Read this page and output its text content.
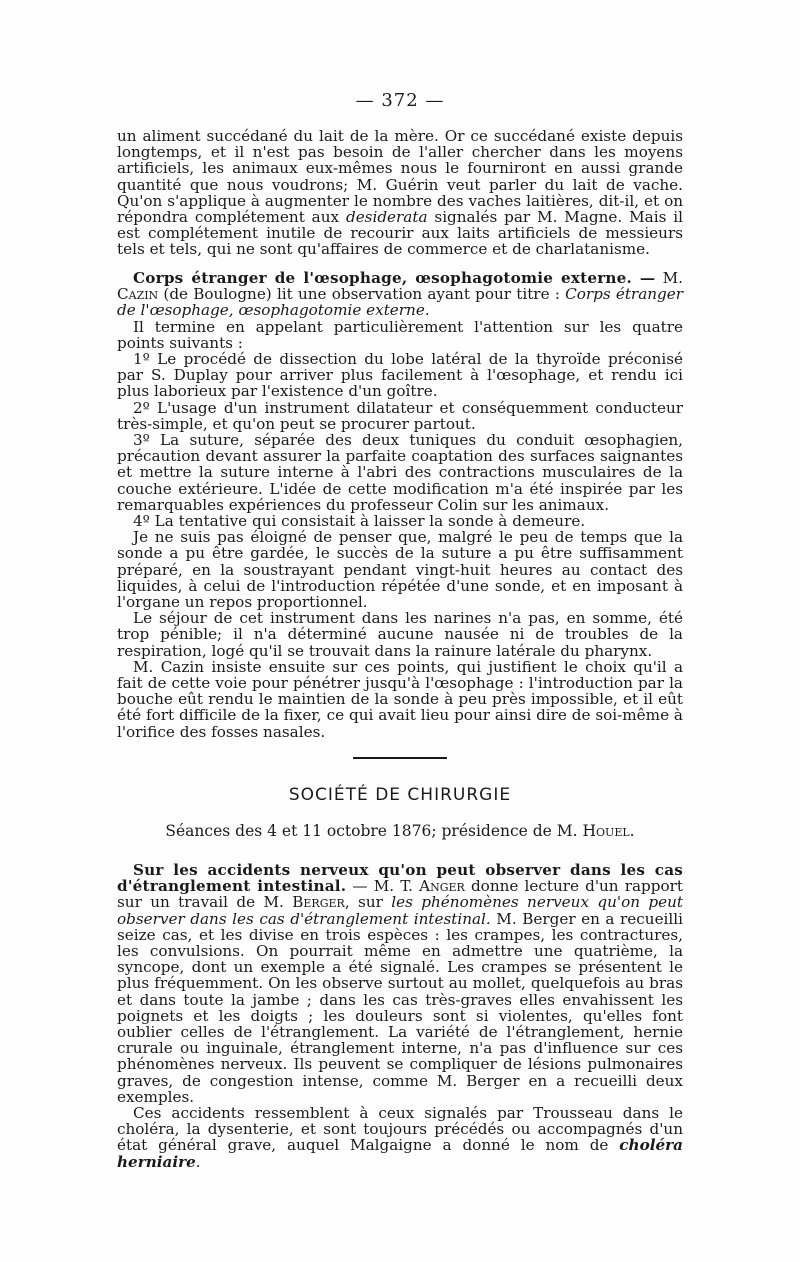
— 372 —

un aliment succédané du lait de la mère. Or ce succédané existe depuis longtemps, et il n'est pas besoin de l'aller chercher dans les moyens artificiels, les animaux eux-mêmes nous le fourniront en aussi grande quantité que nous voudrons; M. Guérin veut parler du lait de vache. Qu'on s'applique à augmenter le nombre des vaches laitières, dit-il, et on répondra complétement aux desiderata signalés par M. Magne. Mais il est complétement inutile de recourir aux laits artificiels de messieurs tels et tels, qui ne sont qu'affaires de commerce et de charlatanisme.

Corps étranger de l'œsophage, œsophagotomie externe. — M. Cazin (de Boulogne) lit une observation ayant pour titre : Corps étranger de l'œsophage, œsophagotomie externe.

Il termine en appelant particulièrement l'attention sur les quatre points suivants :

1º Le procédé de dissection du lobe latéral de la thyroïde préconisé par S. Duplay pour arriver plus facilement à l'œsophage, et rendu ici plus laborieux par l'existence d'un goître.

2º L'usage d'un instrument dilatateur et conséquemment conducteur très-simple, et qu'on peut se procurer partout.

3º La suture, séparée des deux tuniques du conduit œsophagien, précaution devant assurer la parfaite coaptation des surfaces saignantes et mettre la suture interne à l'abri des contractions musculaires de la couche extérieure. L'idée de cette modification m'a été inspirée par les remarquables expériences du professeur Colin sur les animaux.

4º La tentative qui consistait à laisser la sonde à demeure.

Je ne suis pas éloigné de penser que, malgré le peu de temps que la sonde a pu être gardée, le succès de la suture a pu être suffisamment préparé, en la soustrayant pendant vingt-huit heures au contact des liquides, à celui de l'introduction répétée d'une sonde, et en imposant à l'organe un repos proportionnel.

Le séjour de cet instrument dans les narines n'a pas, en somme, été trop pénible; il n'a déterminé aucune nausée ni de troubles de la respiration, logé qu'il se trouvait dans la rainure latérale du pharynx.

M. Cazin insiste ensuite sur ces points, qui justifient le choix qu'il a fait de cette voie pour pénétrer jusqu'à l'œsophage : l'introduction par la bouche eût rendu le maintien de la sonde à peu près impossible, et il eût été fort difficile de la fixer, ce qui avait lieu pour ainsi dire de soi-même à l'orifice des fosses nasales.

SOCIÉTÉ DE CHIRURGIE
Séances des 4 et 11 octobre 1876; présidence de M. Houel.

Sur les accidents nerveux qu'on peut observer dans les cas d'étranglement intestinal. — M. T. Anger donne lecture d'un rapport sur un travail de M. Berger, sur les phénomènes nerveux qu'on peut observer dans les cas d'étranglement intestinal. M. Berger en a recueilli seize cas, et les divise en trois espèces : les crampes, les contractures, les convulsions. On pourrait même en admettre une quatrième, la syncope, dont un exemple a été signalé. Les crampes se présentent le plus fréquemment. On les observe surtout au mollet, quelquefois au bras et dans toute la jambe ; dans les cas très-graves elles envahissent les poignets et les doigts ; les douleurs sont si violentes, qu'elles font oublier celles de l'étranglement. La variété de l'étranglement, hernie crurale ou inguinale, étranglement interne, n'a pas d'influence sur ces phénomènes nerveux. Ils peuvent se compliquer de lésions pulmonaires graves, de congestion intense, comme M. Berger en a recueilli deux exemples.

Ces accidents ressemblent à ceux signalés par Trousseau dans le choléra, la dysenterie, et sont toujours précédés ou accompagnés d'un état général grave, auquel Malgaigne a donné le nom de choléra herniaire.
